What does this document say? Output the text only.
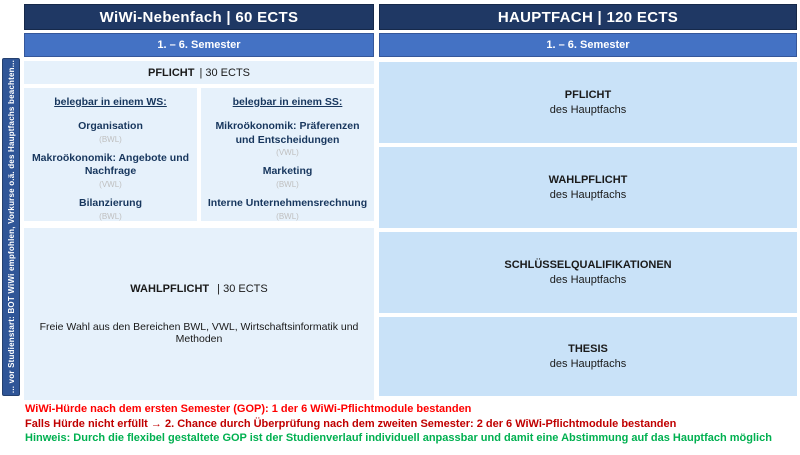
... vor Studienstart: BOT WiWi empfohlen, Vorkurse o.ä. des Hauptfachs beachten...
WiWi-Nebenfach | 60 ECTS
1. – 6. Semester
PFLICHT | 30 ECTS
belegbar in einem WS:
Organisation
(BWL)
Makroökonomik: Angebote und Nachfrage
(VWL)
Bilanzierung
(BWL)
belegbar in einem SS:
Mikroökonomik: Präferenzen und Entscheidungen
(VWL)
Marketing
(BWL)
Interne Unternehmensrechnung
(BWL)
WAHLPFLICHT | 30 ECTS
Freie Wahl aus den Bereichen BWL, VWL, Wirtschaftsinformatik und Methoden
HAUPTFACH | 120 ECTS
1. – 6. Semester
PFLICHT
des Hauptfachs
WAHLPFLICHT
des Hauptfachs
SCHLÜSSELQUALIFIKATIONEN
des Hauptfachs
THESIS
des Hauptfachs
WiWi-Hürde nach dem ersten Semester (GOP): 1 der 6 WiWi-Pflichtmodule bestanden
Falls Hürde nicht erfüllt → 2. Chance durch Überprüfung nach dem zweiten Semester: 2 der 6 WiWi-Pflichtmodule bestanden
Hinweis: Durch die flexibel gestaltete GOP ist der Studienverlauf individuell anpassbar und damit eine Abstimmung auf das Hauptfach möglich
